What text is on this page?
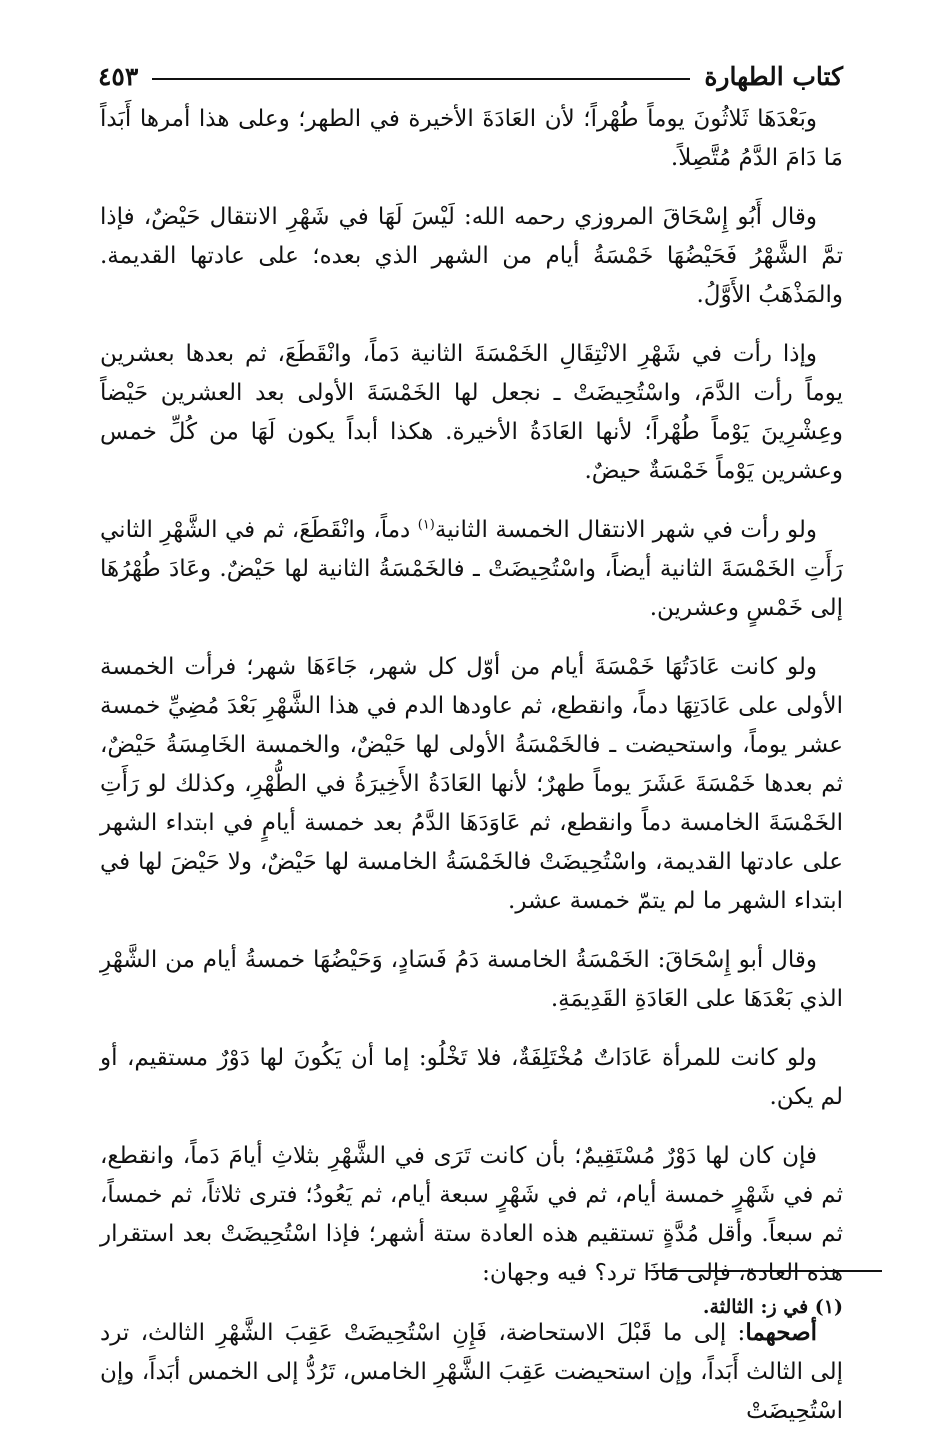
كتاب الطهارة
٤٥٣

وبَعْدَهَا ثَلاثُونَ يوماً طُهْراً؛ لأن العَادَةَ الأخيرة في الطهر؛ وعلى هذا أمرها أَبَداً مَا دَامَ الدَّمُ مُتَّصِلاً.

وقال أَبُو إِسْحَاقَ المروزي رحمه الله: لَيْسَ لَهَا في شَهْرِ الانتقال حَيْضٌ، فإذا تمَّ الشَّهْرُ فَحَيْضُهَا خَمْسَةُ أيام من الشهر الذي بعده؛ على عادتها القديمة. والمَذْهَبُ الأَوَّلُ.

وإذا رأت في شَهْرِ الانْتِقَالِ الخَمْسَةَ الثانية دَماً، وانْقَطَعَ، ثم بعدها بعشرين يوماً رأت الدَّمَ، واسْتُحِيضَتْ ـ نجعل لها الخَمْسَةَ الأولى بعد العشرين حَيْضاً وعِشْرِينَ يَوْماً طُهْراً؛ لأنها العَادَةُ الأخيرة. هكذا أبداً يكون لَهَا من كُلِّ خمس وعشرين يَوْماً خَمْسَةٌ حيضٌ.

ولو رأت في شهر الانتقال الخمسة الثانية$^{(١)}$ دماً، وانْقَطَعَ، ثم في الشَّهْرِ الثاني رَأَتِ الخَمْسَةَ الثانية أيضاً، واسْتُحِيضَتْ ـ فالخَمْسَةُ الثانية لها حَيْضٌ. وعَادَ طُهْرُهَا إلى خَمْسٍ وعشرين.

ولو كانت عَادَتُهَا خَمْسَةَ أيام من أوّل كل شهر، جَاءَهَا شهر؛ فرأت الخمسة الأولى على عَادَتِهَا دماً، وانقطع، ثم عاودها الدم في هذا الشَّهْرِ بَعْدَ مُضِيِّ خمسة عشر يوماً، واستحيضت ـ فالخَمْسَةُ الأولى لها حَيْضٌ، والخمسة الخَامِسَةُ حَيْضٌ، ثم بعدها خَمْسَةَ عَشَرَ يوماً طهرٌ؛ لأنها العَادَةُ الأَخِيرَةُ في الطُّهْرِ، وكذلك لو رَأَتِ الخَمْسَةَ الخامسة دماً وانقطع، ثم عَاوَدَهَا الدَّمُ بعد خمسة أيامٍ في ابتداء الشهر على عادتها القديمة، واسْتُحِيضَتْ فالخَمْسَةُ الخامسة لها حَيْضٌ، ولا حَيْضَ لها في ابتداء الشهر ما لم يتمّ خمسة عشر.

وقال أبو إِسْحَاقَ: الخَمْسَةُ الخامسة دَمُ فَسَادٍ، وَحَيْضُهَا خمسةُ أيام من الشَّهْرِ الذي بَعْدَهَا على العَادَةِ القَدِيمَةِ.

ولو كانت للمرأة عَادَاتٌ مُخْتَلِفَةٌ، فلا تَخْلُو: إما أن يَكُونَ لها دَوْرٌ مستقيم، أو لم يكن.

فإن كان لها دَوْرٌ مُسْتَقِيمٌ؛ بأن كانت تَرَى في الشَّهْرِ بثلاثِ أيامَ دَماً، وانقطع، ثم في شَهْرٍ خمسة أيام، ثم في شَهْرٍ سبعة أيام، ثم يَعُودُ؛ فترى ثلاثاً، ثم خمساً، ثم سبعاً. وأقل مُدَّةٍ تستقيم هذه العادة ستة أشهر؛ فإذا اسْتُحِيضَتْ بعد استقرار هذه العادة، فإلى مَاذَا ترد؟ فيه وجهان:

أصحهما: إلى ما قَبْلَ الاستحاضة، فَإِنِ اسْتُحِيضَتْ عَقِبَ الشَّهْرِ الثالث، ترد إلى الثالث أَبَداً، وإن استحيضت عَقِبَ الشَّهْرِ الخامس، تَرُدُّ إلى الخمس أبَداً، وإن اسْتُحِيضَتْ

(١) في ز: الثالثة.
